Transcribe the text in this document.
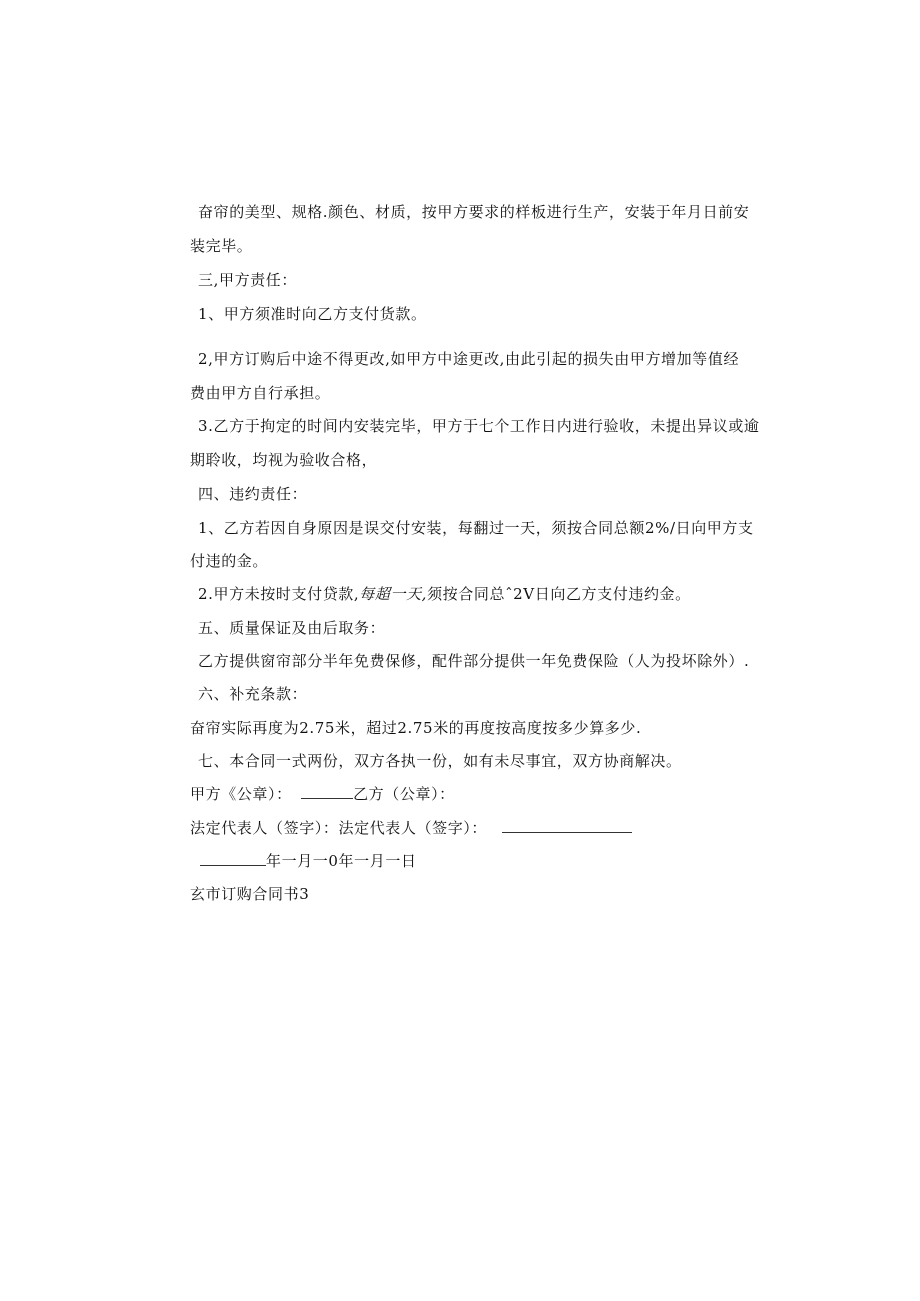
奋帘的美型、规格.颜色、材质，按甲方要求的样板进行生产，安装于年月日前安
装完毕。
三,甲方责任：
1、甲方须准时向乙方支付货款。
2,甲方订购后中途不得更改,如甲方中途更改,由此引起的损失由甲方增加等值经
费由甲方自行承担。
3.乙方于拘定的时间内安装完毕，甲方于七个工作日内进行验收，未提出异议或逾
期聆收，均视为验收合格，
四、违约责任：
1、乙方若因自身原因是误交付安装，每翻过一天，须按合同总额2%/日向甲方支
付违的金。
2.甲方未按时支付贷款,每超一天,须按合同总ˆ2V日向乙方支付违约金。
五、质量保证及由后取务：
乙方提供窗帘部分半年免费保修，配件部分提供一年免费保险（人为投坏除外）.
六、补充条款：
奋帘实际再度为2.75米，超过2.75米的再度按高度按多少算多少.
七、本合同一式两份，双方各执一份，如有未尽事宜，双方协商解决。
甲方《公章）：	乙方（公章）：
法定代表人（签字）：法定代表人（签字）：
年一月一0年一月一日
玄市订购合同书3
